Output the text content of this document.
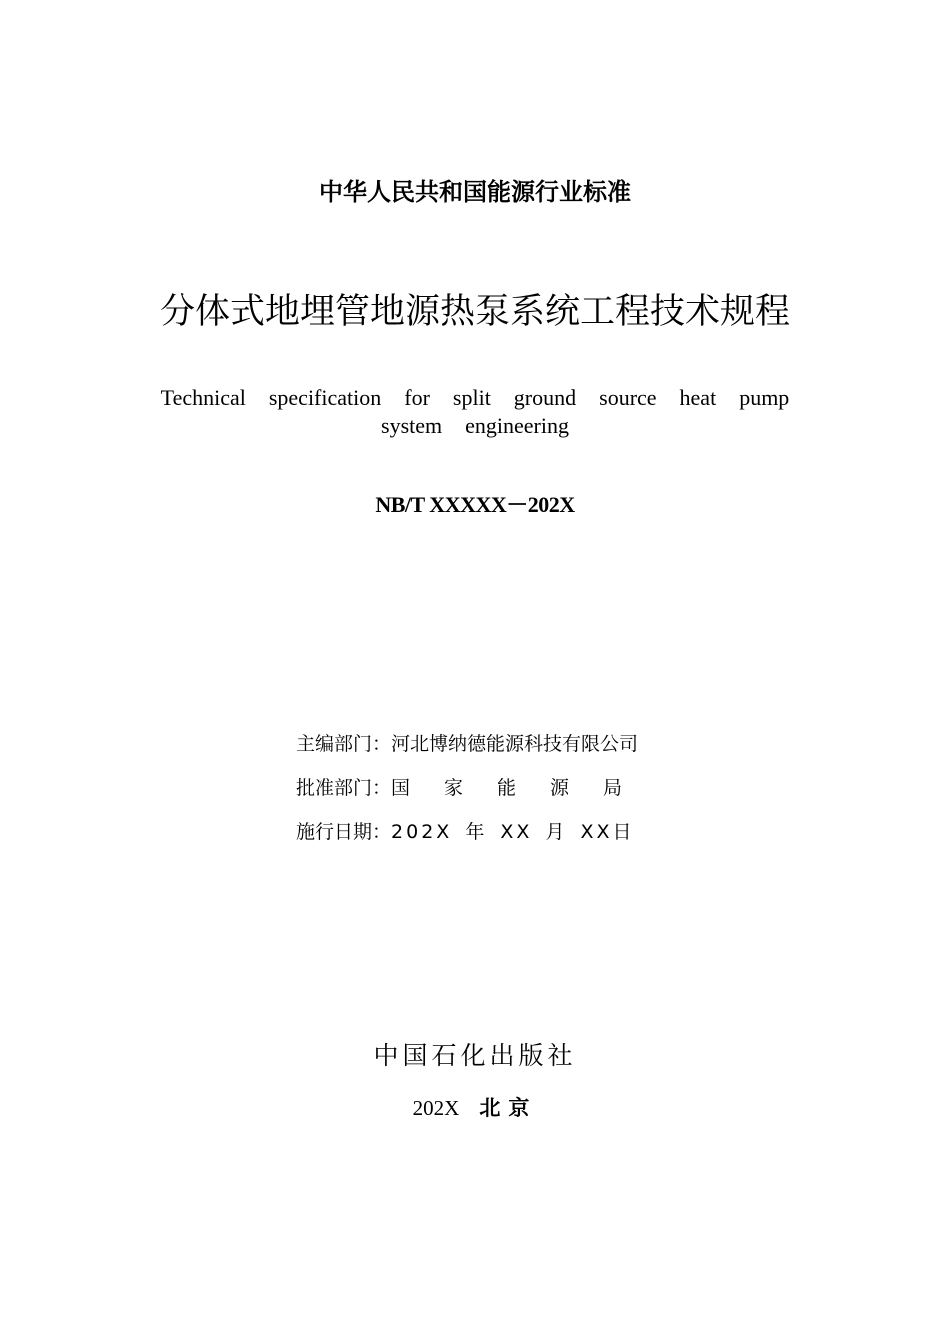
中华人民共和国能源行业标准
分体式地埋管地源热泵系统工程技术规程
Technical  specification  for  split  ground  source  heat  pump
system  engineering
NB/T XXXXX－202X
主编部门：河北博纳德能源科技有限公司
批准部门：国家能源局
施行日期：202X 年 XX 月 XX日
中国石化出版社
202X 北京
